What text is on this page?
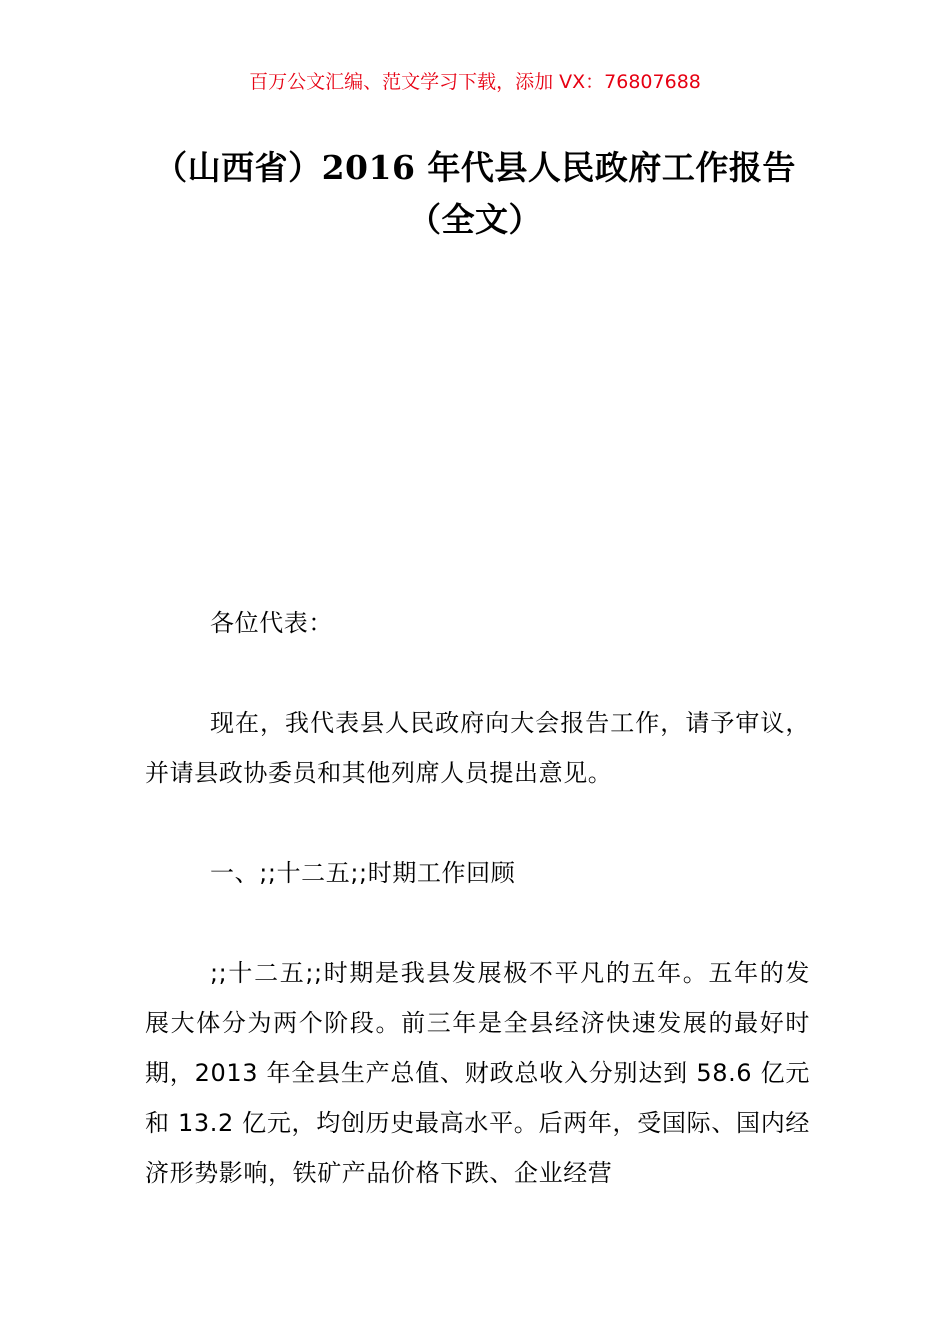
百万公文汇编、范文学习下载，添加 VX：76807688
（山西省）2016 年代县人民政府工作报告
（全文）

各位代表：

现在，我代表县人民政府向大会报告工作，请予审议，并请县政协委员和其他列席人员提出意见。

一、;;十二五;;时期工作回顾

;;十二五;;时期是我县发展极不平凡的五年。五年的发展大体分为两个阶段。前三年是全县经济快速发展的最好时期，2013 年全县生产总值、财政总收入分别达到 58.6 亿元和 13.2 亿元，均创历史最高水平。后两年，受国际、国内经济形势影响，铁矿产品价格下跌、企业经营
